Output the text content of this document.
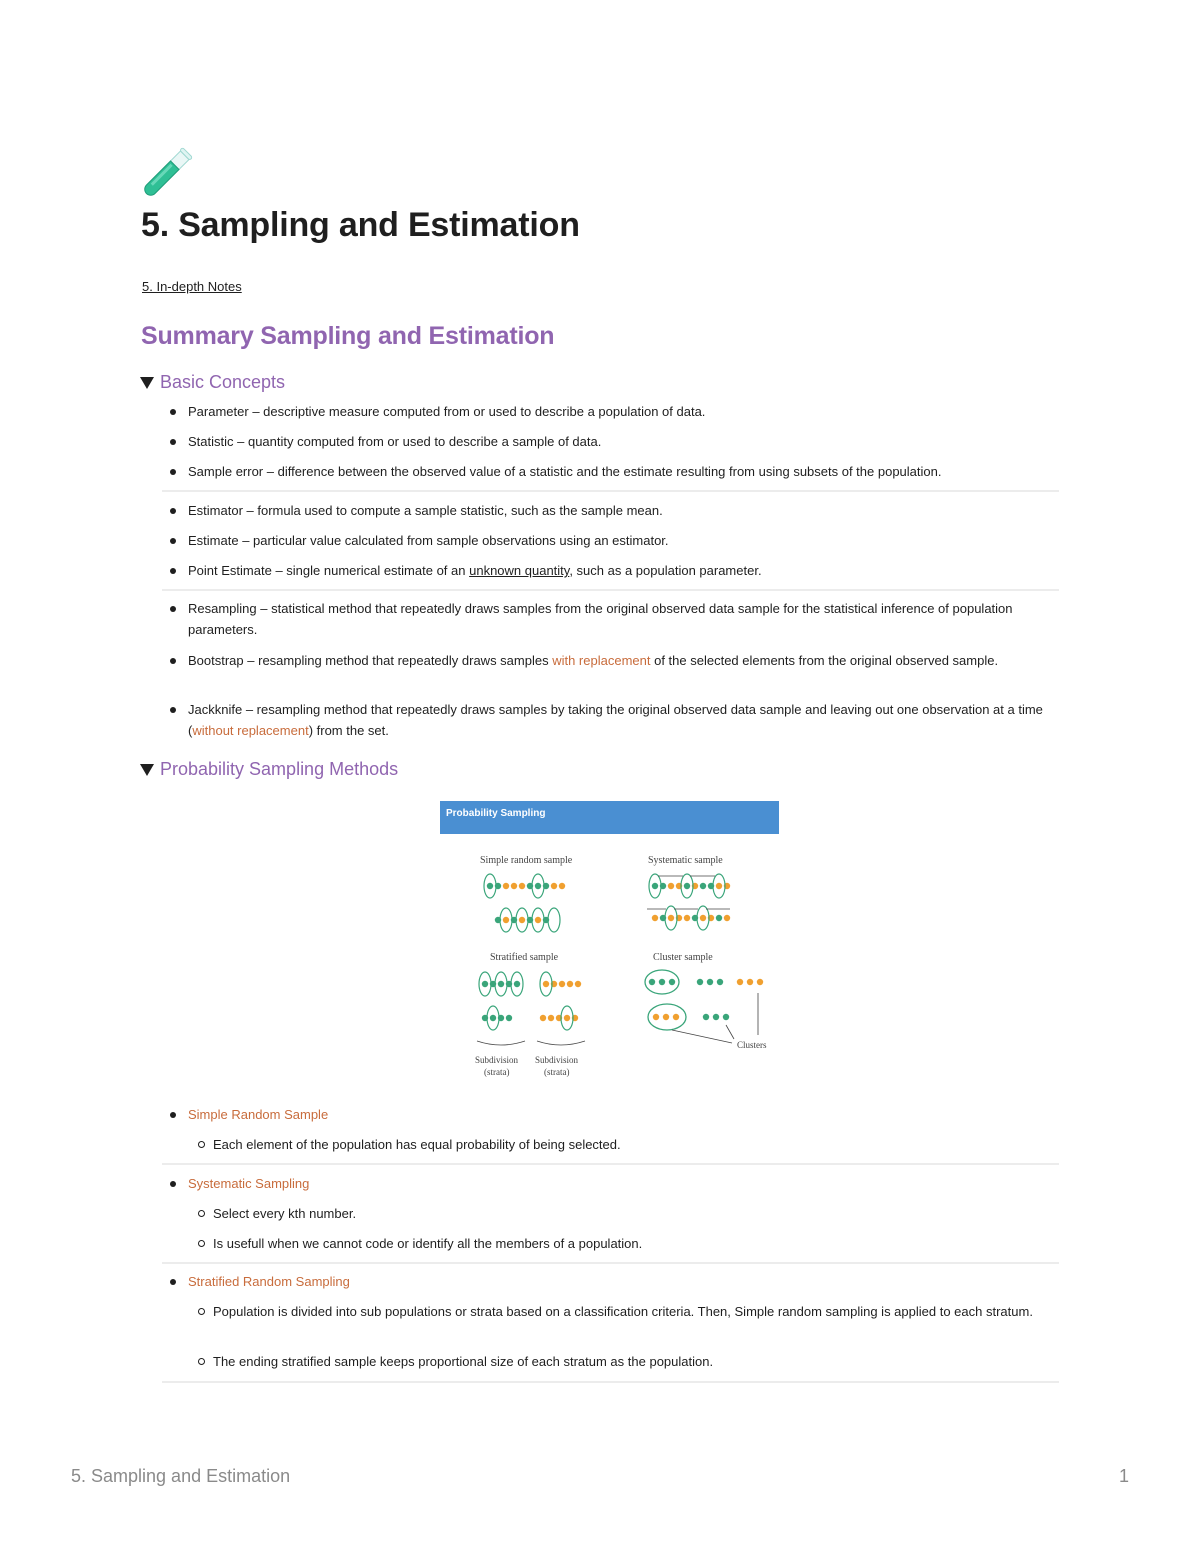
5. Sampling and Estimation
5. In-depth Notes
Summary Sampling and Estimation
Basic Concepts
Parameter – descriptive measure computed from or used to describe a population of data.
Statistic – quantity computed from or used to describe a sample of data.
Sample error – difference between the observed value of a statistic and the estimate resulting from using subsets of the population.
Estimator – formula used to compute a sample statistic, such as the sample mean.
Estimate – particular value calculated from sample observations using an estimator.
Point Estimate – single numerical estimate of an unknown quantity, such as a population parameter.
Resampling – statistical method that repeatedly draws samples from the original observed data sample for the statistical inference of population parameters.
Bootstrap – resampling method that repeatedly draws samples with replacement of the selected elements from the original observed sample.
Jackknife – resampling method that repeatedly draws samples by taking the original observed data sample and leaving out one observation at a time (without replacement) from the set.
Probability Sampling Methods
Probability Sampling
Simple random sample	Systematic sample
Stratified sample	Cluster sample
Subdivision
(strata)
Subdivision
(strata)
Clusters
Simple Random Sample
Each element of the population has equal probability of being selected.
Systematic Sampling
Select every kth number.
Is usefull when we cannot code or identify all the members of a population.
Stratified Random Sampling
Population is divided into sub populations or strata based on a classification criteria. Then, Simple random sampling is applied to each stratum.
The ending stratified sample keeps proportional size of each stratum as the population.
5. Sampling and Estimation	1
